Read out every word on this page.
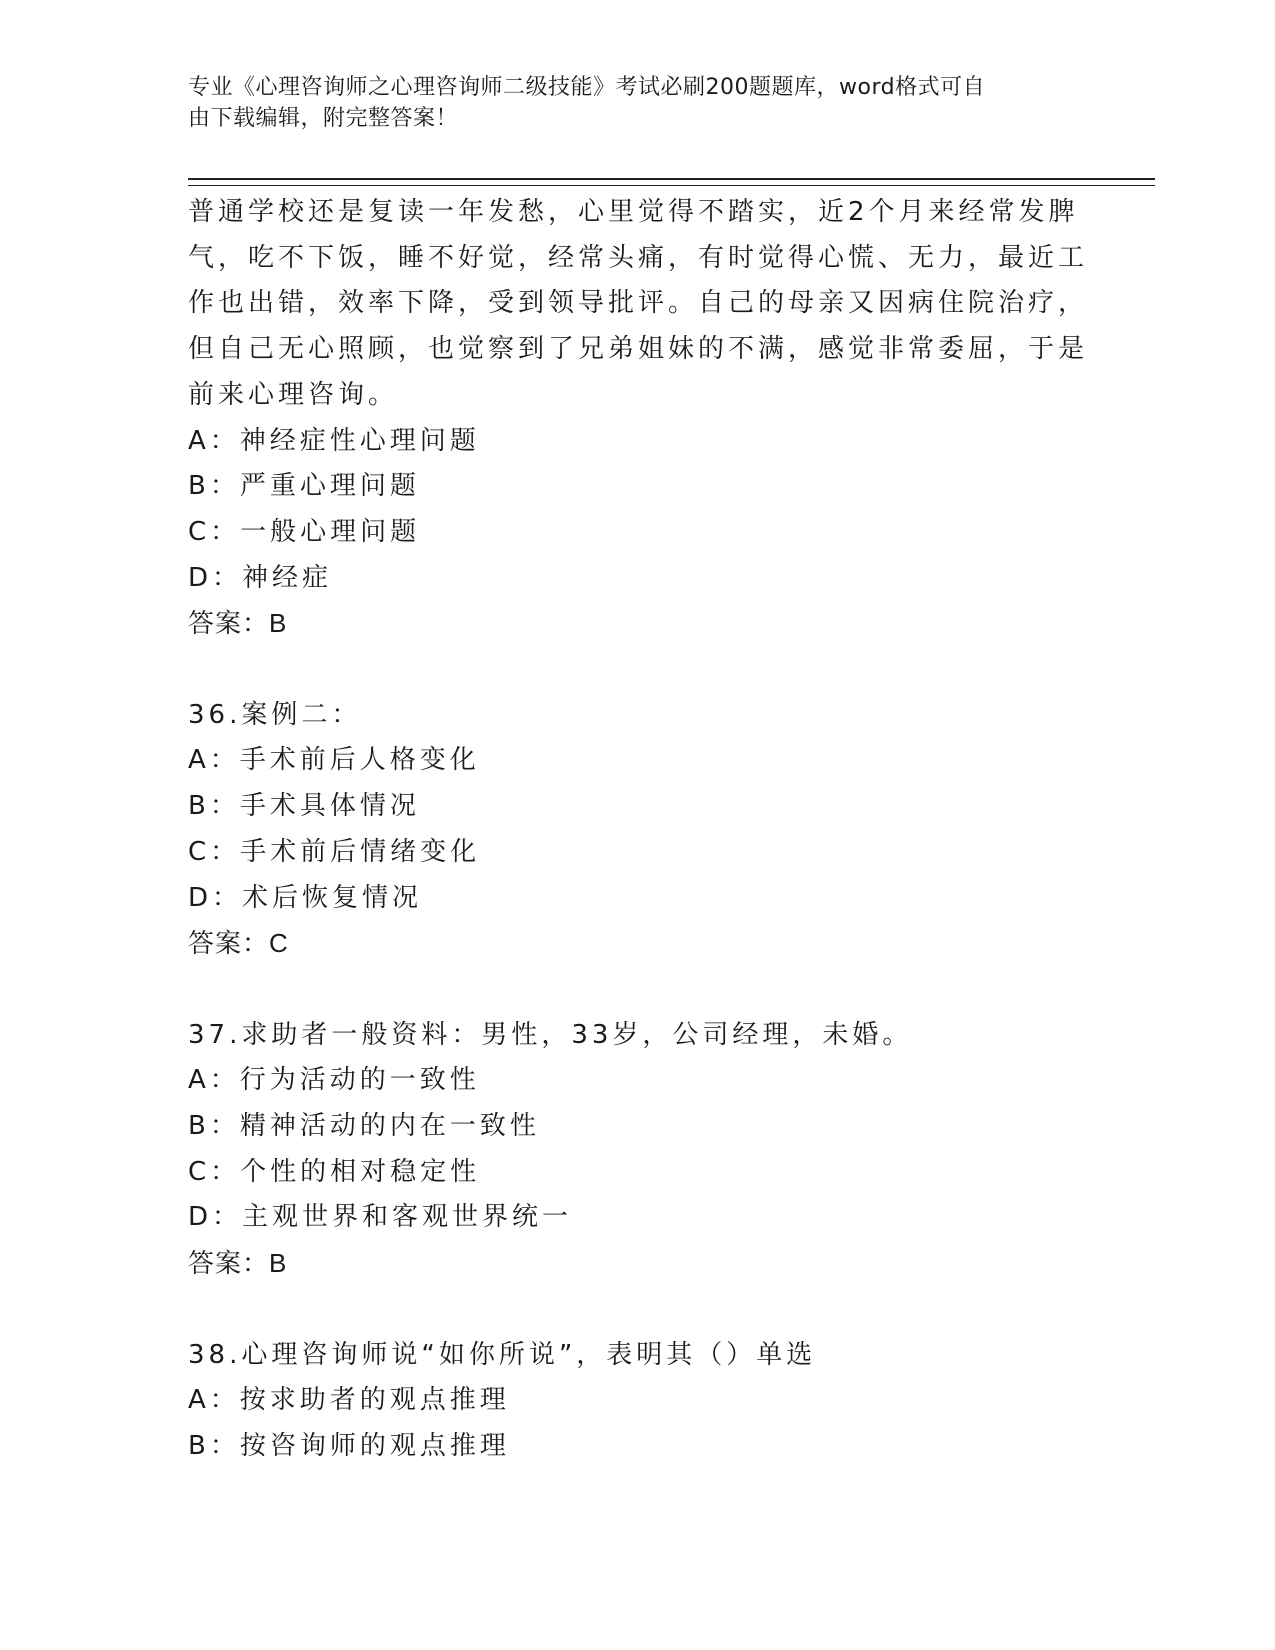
专业《心理咨询师之心理咨询师二级技能》考试必刷200题题库，word格式可自
由下载编辑，附完整答案！

普通学校还是复读一年发愁，心里觉得不踏实，近2个月来经常发脾

气，吃不下饭，睡不好觉，经常头痛，有时觉得心慌、无力，最近工

作也出错，效率下降，受到领导批评。自己的母亲又因病住院治疗，

但自己无心照顾，也觉察到了兄弟姐妹的不满，感觉非常委屈，于是

前来心理咨询。

A：神经症性心理问题

B：严重心理问题

C：一般心理问题

D：神经症

答案：B

36.案例二：

A：手术前后人格变化

B：手术具体情况

C：手术前后情绪变化

D：术后恢复情况

答案：C

37.求助者一般资料：男性，33岁，公司经理，未婚。

A：行为活动的一致性

B：精神活动的内在一致性

C：个性的相对稳定性

D：主观世界和客观世界统一

答案：B

38.心理咨询师说“如你所说”，表明其（）单选

A：按求助者的观点推理

B：按咨询师的观点推理
